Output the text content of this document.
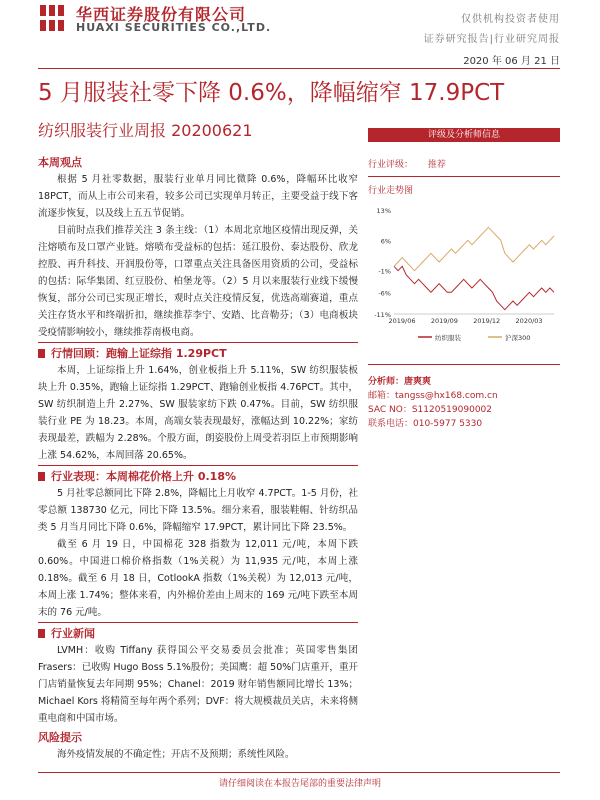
华西证券股份有限公司
HUAXI SECURITIES CO.,LTD.
仅供机构投资者使用
证券研究报告|行业研究周报
2020 年 06 月 21 日
5 月服装社零下降 0.6%，降幅缩窄 17.9PCT
纺织服装行业周报 20200621
本周观点

根据 5 月社零数据，服装行业单月同比微降 0.6%，降幅环比收窄 18PCT，而从上市公司来看，较多公司已实现单月转正，主要受益于线下客流逐步恢复，以及线上五五节促销。

目前时点我们推荐关注 3 条主线：（1）本周北京地区疫情出现反弹，关注熔喷布及口罩产业链。熔喷布受益标的包括：延江股份、泰达股份、欣龙控股、再升科技、开润股份等，口罩重点关注具备医用资质的公司，受益标的包括：际华集团、红豆股份、柏堡龙等。（2）5 月以来服装行业线下缓慢恢复，部分公司已实现正增长，观时点关注疫情反复，优选高端赛道，重点关注存货水平和终端折扣，继续推荐李宁、安踏、比音勒芬；（3）电商板块受疫情影响较小，继续推荐南极电商。

行情回顾：跑输上证综指 1.29PCT

本周，上证综指上升 1.64%，创业板指上升 5.11%，SW 纺织服装板块上升 0.35%，跑输上证综指 1.29PCT、跑输创业板指 4.76PCT。其中，SW 纺织制造上升 2.27%、SW 服装家纺下跌 0.47%。目前，SW 纺织服装行业 PE 为 18.23。本周，高端女装表现最好，涨幅达到 10.22%；家纺表现最差，跌幅为 2.28%。个股方面，朗姿股份上周受若羽臣上市预期影响上涨 54.62%，本周回落 20.65%。

行业表现：本周棉花价格上升 0.18%

5 月社零总额同比下降 2.8%，降幅比上月收窄 4.7PCT。1-5 月份，社零总额 138730 亿元，同比下降 13.5%。细分来看，服装鞋帽、针纺织品类 5 月当月同比下降 0.6%，降幅缩窄 17.9PCT，累计同比下降 23.5%。

截至 6 月 19 日，中国棉花 328 指数为 12,011 元/吨，本周下跌 0.60%。中国进口棉价格指数（1%关税）为 11,935 元/吨，本周上涨 0.18%。截至 6 月 18 日，CotlookA 指数（1%关税）为 12,013 元/吨，本周上涨 1.74%；整体来看，内外棉价差由上周末的 169 元/吨下跌至本周末的 76 元/吨。

行业新闻

LVMH：收购 Tiffany 获得国公平交易委员会批准；英国零售集团 Frasers：已收购 Hugo Boss 5.1%股份；美国鹰：超 50%门店重开，重开门店销量恢复去年同期 95%；Chanel：2019 财年销售额同比增长 13%；Michael Kors 将精简至每年两个系列；DVF：将大规模裁员关店，未来将侧重电商和中国市场。

风险提示

海外疫情发展的不确定性；开店不及预期；系统性风险。

评级及分析师信息
行业评级： 推荐
行业走势图
13%
6%
-1%
-6%
-11%
2019/06 2019/09 2019/12 2020/03
纺织服装	沪深300
分析师：唐爽爽
邮箱：tangss@hx168.com.cn
SAC NO：S1120519090002
联系电话：010-5977 5330
请仔细阅读在本报告尾部的重要法律声明
